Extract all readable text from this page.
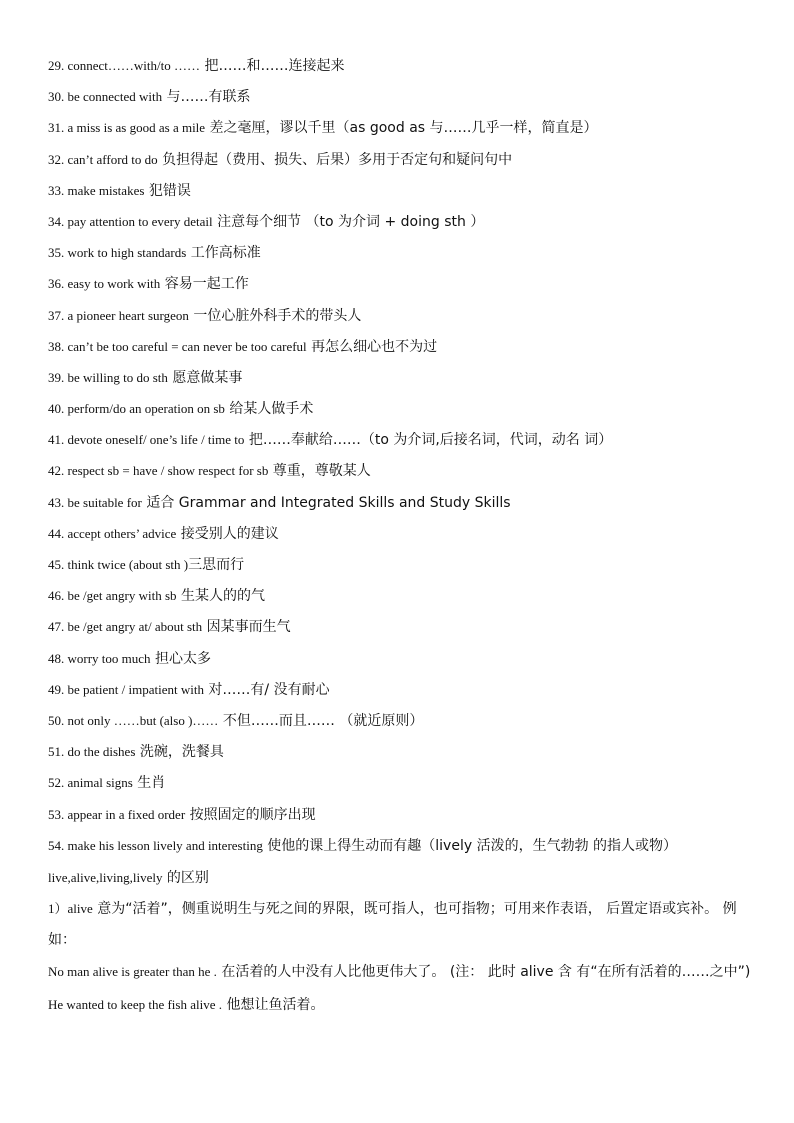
29. connect……with/to …… 把……和……连接起来
30. be connected with 与……有联系
31. a miss is as good as a mile 差之毫厘，谬以千里（as good as 与……几乎一样，简直是）
32. can’t afford to do 负担得起（费用、损失、后果）多用于否定句和疑问句中
33. make mistakes 犯错误
34. pay attention to every detail 注意每个细节 （to 为介词 + doing sth ）
35. work to high standards 工作高标准
36. easy to work with 容易一起工作
37. a pioneer heart surgeon 一位心脏外科手术的带头人
38. can’t be too careful = can never be too careful 再怎么细心也不为过
39. be willing to do sth 愿意做某事
40. perform/do an operation on sb 给某人做手术
41. devote oneself/ one’s life / time to 把……奉献给……（to 为介词,后接名词，代词，动名 词）
42. respect sb = have / show respect for sb 尊重，尊敬某人
43. be suitable for 适合 Grammar and Integrated Skills and Study Skills
44. accept others’ advice 接受别人的建议
45. think twice (about sth )三思而行
46. be /get angry with sb 生某人的的气
47. be /get angry at/ about sth 因某事而生气
48. worry too much 担心太多
49. be patient / impatient with 对……有/ 没有耐心
50. not only ……but (also )…… 不但……而且…… （就近原则）
51. do the dishes 洗碗，洗餐具
52. animal signs 生肖
53. appear in a fixed order 按照固定的顺序出现
54. make his lesson lively and interesting 使他的课上得生动而有趣（lively 活泼的，生气勃勃 的指人或物）
live,alive,living,lively 的区别
1）alive 意为“活着”，侧重说明生与死之间的界限，既可指人，也可指物；可用来作表语， 后置定语或宾补。 例如：
No man alive is greater than he . 在活着的人中没有人比他更伟大了。 (注： 此时 alive 含 有“在所有活着的……之中”)
He wanted to keep the fish alive . 他想让鱼活着。
